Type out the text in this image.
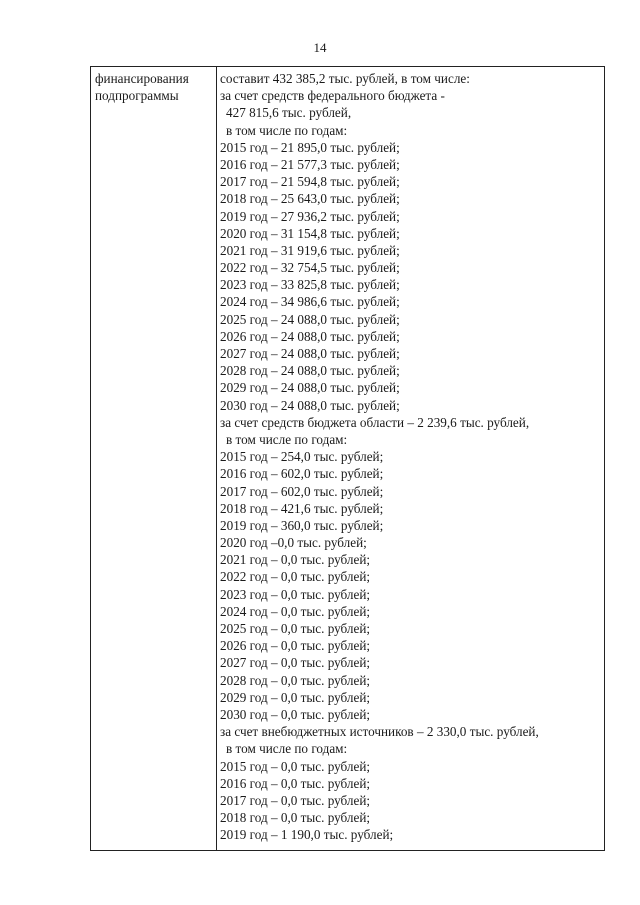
14
финансирования
подпрограммы
составит 432 385,2 тыс. рублей, в том числе:
за счет средств федерального бюджета -
427 815,6 тыс. рублей,
в том числе по годам:
2015 год – 21 895,0 тыс. рублей;
2016 год – 21 577,3 тыс. рублей;
2017 год – 21 594,8 тыс. рублей;
2018 год – 25 643,0 тыс. рублей;
2019 год – 27 936,2 тыс. рублей;
2020 год – 31 154,8 тыс. рублей;
2021 год – 31 919,6 тыс. рублей;
2022 год – 32 754,5 тыс. рублей;
2023 год – 33 825,8 тыс. рублей;
2024 год – 34 986,6 тыс. рублей;
2025 год – 24 088,0 тыс. рублей;
2026 год – 24 088,0 тыс. рублей;
2027 год – 24 088,0 тыс. рублей;
2028 год – 24 088,0 тыс. рублей;
2029 год – 24 088,0 тыс. рублей;
2030 год – 24 088,0 тыс. рублей;
за счет средств бюджета области – 2 239,6 тыс. рублей,
в том числе по годам:
2015 год – 254,0 тыс. рублей;
2016 год – 602,0 тыс. рублей;
2017 год – 602,0 тыс. рублей;
2018 год – 421,6 тыс. рублей;
2019 год – 360,0 тыс. рублей;
2020 год –0,0 тыс. рублей;
2021 год – 0,0 тыс. рублей;
2022 год – 0,0 тыс. рублей;
2023 год – 0,0 тыс. рублей;
2024 год – 0,0 тыс. рублей;
2025 год – 0,0 тыс. рублей;
2026 год – 0,0 тыс. рублей;
2027 год – 0,0 тыс. рублей;
2028 год – 0,0 тыс. рублей;
2029 год – 0,0 тыс. рублей;
2030 год – 0,0 тыс. рублей;
за счет внебюджетных источников – 2 330,0 тыс. рублей,
в том числе по годам:
2015 год – 0,0 тыс. рублей;
2016 год – 0,0 тыс. рублей;
2017 год – 0,0 тыс. рублей;
2018 год – 0,0 тыс. рублей;
2019 год – 1 190,0 тыс. рублей;
